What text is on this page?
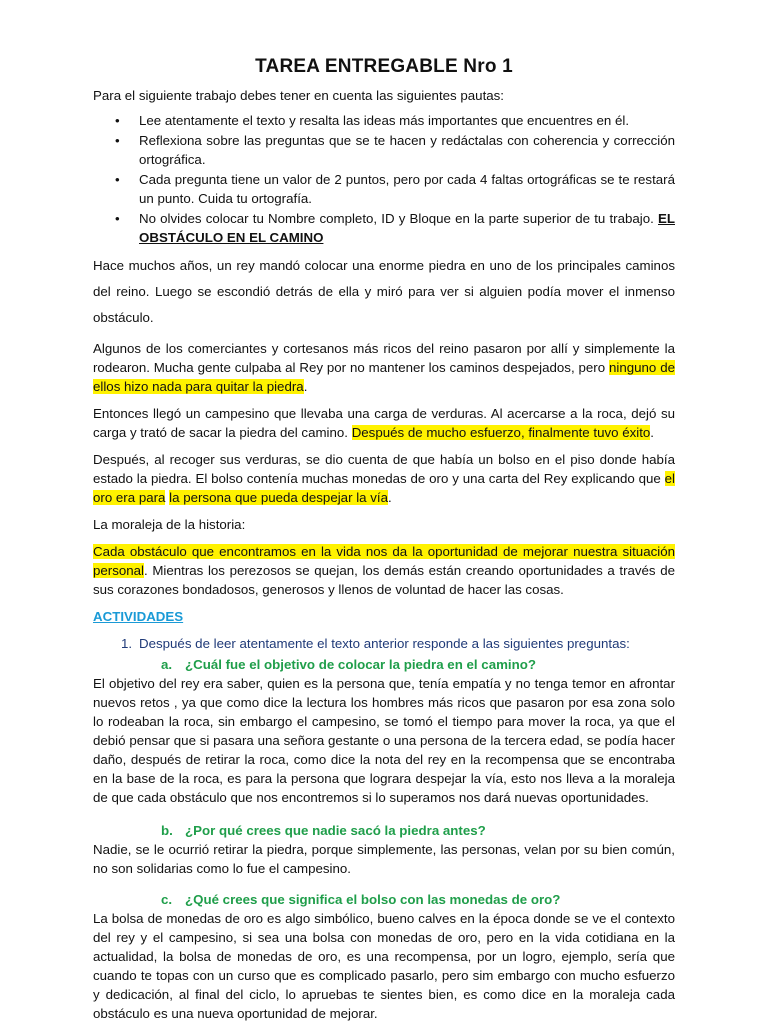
TAREA ENTREGABLE Nro 1

Para el siguiente trabajo debes tener en cuenta las siguientes pautas:

• Lee atentamente el texto y resalta las ideas más importantes que encuentres en él.
• Reflexiona sobre las preguntas que se te hacen y redáctalas con coherencia y corrección ortográfica.
• Cada pregunta tiene un valor de 2 puntos, pero por cada 4 faltas ortográficas se te restará un punto. Cuida tu ortografía.
• No olvides colocar tu Nombre completo, ID y Bloque en la parte superior de tu trabajo. EL OBSTÁCULO EN EL CAMINO

Hace muchos años, un rey mandó colocar una enorme piedra en uno de los principales caminos del reino. Luego se escondió detrás de ella y miró para ver si alguien podía mover el inmenso obstáculo.

Algunos de los comerciantes y cortesanos más ricos del reino pasaron por allí y simplemente la rodearon. Mucha gente culpaba al Rey por no mantener los caminos despejados, pero ninguno de ellos hizo nada para quitar la piedra.

Entonces llegó un campesino que llevaba una carga de verduras. Al acercarse a la roca, dejó su carga y trató de sacar la piedra del camino. Después de mucho esfuerzo, finalmente tuvo éxito.

Después, al recoger sus verduras, se dio cuenta de que había un bolso en el piso donde había estado la piedra. El bolso contenía muchas monedas de oro y una carta del Rey explicando que el oro era para la persona que pueda despejar la vía.

La moraleja de la historia:

Cada obstáculo que encontramos en la vida nos da la oportunidad de mejorar nuestra situación personal. Mientras los perezosos se quejan, los demás están creando oportunidades a través de sus corazones bondadosos, generosos y llenos de voluntad de hacer las cosas.

ACTIVIDADES

1. Después de leer atentamente el texto anterior responde a las siguientes preguntas:

a. ¿Cuál fue el objetivo de colocar la piedra en el camino?

El objetivo del rey era saber, quien es la persona que, tenía empatía y no tenga temor en afrontar nuevos retos , ya que como dice la lectura los hombres más ricos que pasaron por esa zona solo lo rodeaban la roca, sin embargo el campesino, se tomó el tiempo para mover la roca, ya que el debió pensar que si pasara una señora gestante o una persona de la tercera edad, se podía hacer daño, después de retirar la roca, como dice la nota del rey en la recompensa que se encontraba en la base de la roca, es para la persona que lograra despejar la vía, esto nos lleva a la moraleja de que cada obstáculo que nos encontremos si lo superamos nos dará nuevas oportunidades.

b. ¿Por qué crees que nadie sacó la piedra antes?

Nadie, se le ocurrió retirar la piedra, porque simplemente, las personas, velan por su bien común, no son solidarias como lo fue el campesino.

c. ¿Qué crees que significa el bolso con las monedas de oro?

La bolsa de monedas de oro es algo simbólico, bueno calves en la época donde se ve el contexto del rey y el campesino, si sea una bolsa con monedas de oro, pero en la vida cotidiana en la actualidad, la bolsa de monedas de oro, es una recompensa, por un logro, ejemplo, sería que cuando te topas con un curso que es complicado pasarlo, pero sim embargo con mucho esfuerzo y dedicación, al final del ciclo, lo apruebas te sientes bien, es como dice en la moraleja cada obstáculo es una nueva oportunidad de mejorar.
